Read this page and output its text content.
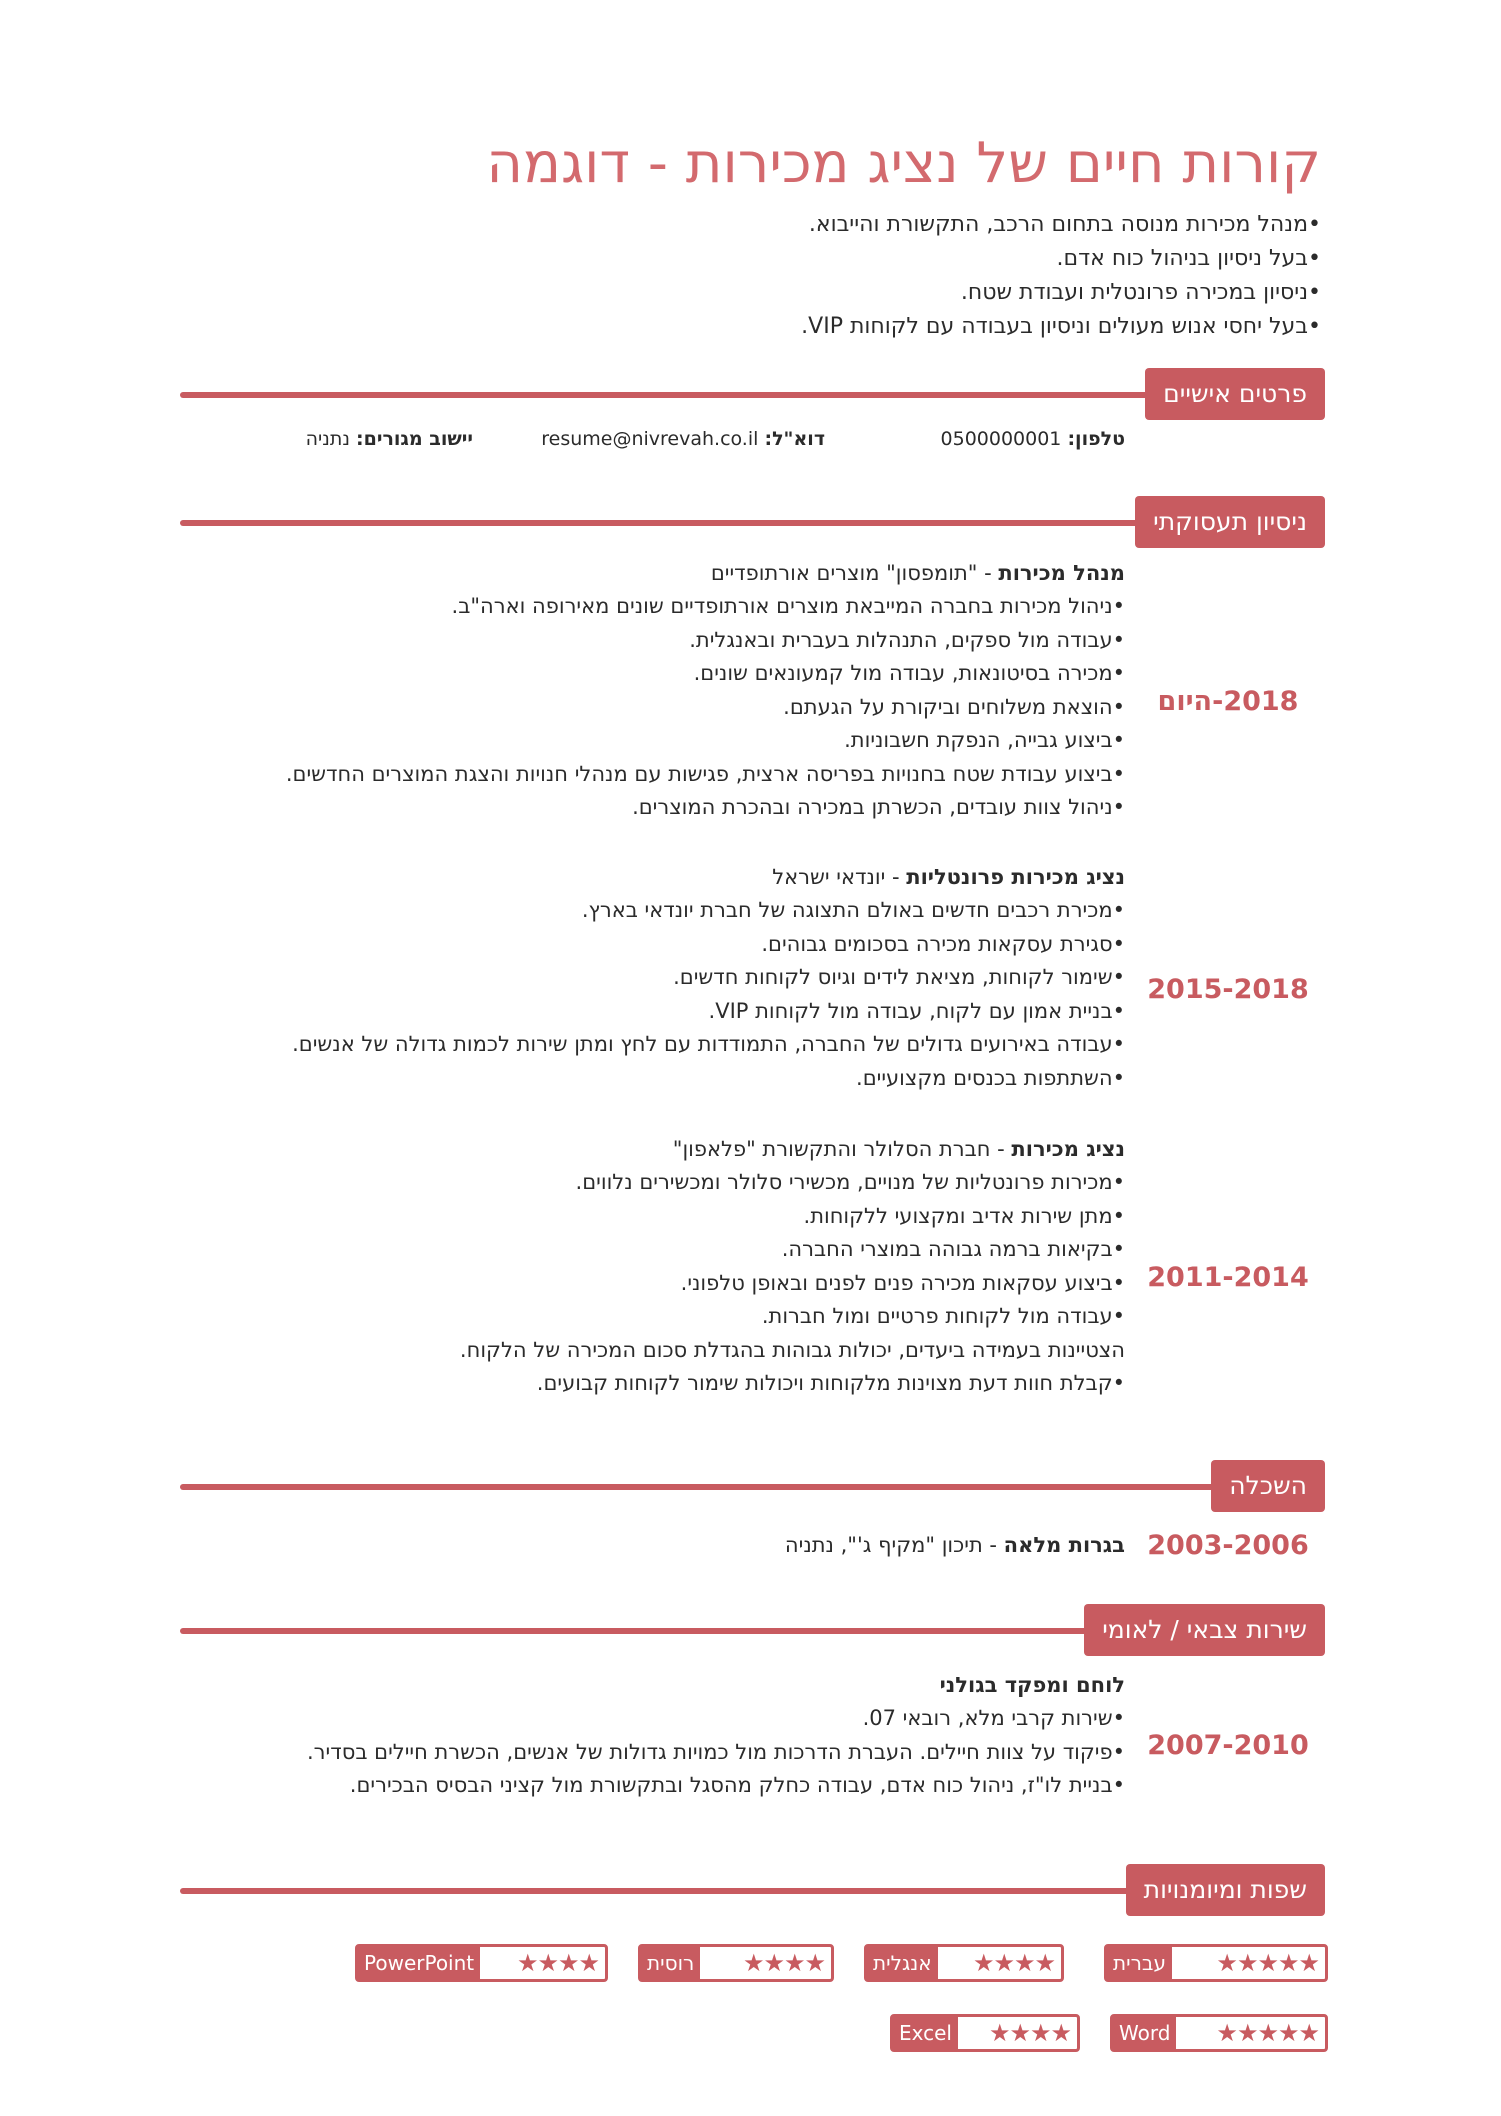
קורות חיים של נציג מכירות - דוגמה
•מנהל מכירות מנוסה בתחום הרכב, התקשורת והייבוא.
•בעל ניסיון בניהול כוח אדם.
•ניסיון במכירה פרונטלית ועבודת שטח.
•בעל יחסי אנוש מעולים וניסיון בעבודה עם לקוחות VIP.
פרטים אישיים
טלפון: 0500000001
דוא"ל: resume@nivrevah.co.il
יישוב מגורים: נתניה
ניסיון תעסוקתי
2018-היום
מנהל מכירות - "תומפסון" מוצרים אורתופדיים
•ניהול מכירות בחברה המייבאת מוצרים אורתופדיים שונים מאירופה וארה"ב.
•עבודה מול ספקים, התנהלות בעברית ובאנגלית.
•מכירה בסיטונאות, עבודה מול קמעונאים שונים.
•הוצאת משלוחים וביקורת על הגעתם.
•ביצוע גבייה, הנפקת חשבוניות.
•ביצוע עבודת שטח בחנויות בפריסה ארצית, פגישות עם מנהלי חנויות והצגת המוצרים החדשים.
•ניהול צוות עובדים, הכשרתן במכירה ובהכרת המוצרים.
2015-2018
נציג מכירות פרונטליות - יונדאי ישראל
•מכירת רכבים חדשים באולם התצוגה של חברת יונדאי בארץ.
•סגירת עסקאות מכירה בסכומים גבוהים.
•שימור לקוחות, מציאת לידים וגיוס לקוחות חדשים.
•בניית אמון עם לקוח, עבודה מול לקוחות VIP.
•עבודה באירועים גדולים של החברה, התמודדות עם לחץ ומתן שירות לכמות גדולה של אנשים.
•השתתפות בכנסים מקצועיים.
2011-2014
נציג מכירות - חברת הסלולר והתקשורת "פלאפון"
•מכירות פרונטליות של מנויים, מכשירי סלולר ומכשירים נלווים.
•מתן שירות אדיב ומקצועי ללקוחות.
•בקיאות ברמה גבוהה במוצרי החברה.
•ביצוע עסקאות מכירה פנים לפנים ובאופן טלפוני.
•עבודה מול לקוחות פרטיים ומול חברות.
הצטיינות בעמידה ביעדים, יכולות גבוהות בהגדלת סכום המכירה של הלקוח.
•קבלת חוות דעת מצוינות מלקוחות ויכולות שימור לקוחות קבועים.
השכלה
2003-2006
בגרות מלאה - תיכון "מקיף ג'", נתניה
שירות צבאי / לאומי
2007-2010
לוחם ומפקד בגולני
•שירות קרבי מלא, רובאי 07.
•פיקוד על צוות חיילים. העברת הדרכות מול כמויות גדולות של אנשים, הכשרת חיילים בסדיר.
•בניית לו"ז, ניהול כוח אדם, עבודה כחלק מהסגל ובתקשורת מול קציני הבסיס הבכירים.
שפות ומיומנויות
עברית ★★★★★
אנגלית ★★★★
רוסית ★★★★
PowerPoint ★★★★
Word ★★★★★
Excel ★★★★
